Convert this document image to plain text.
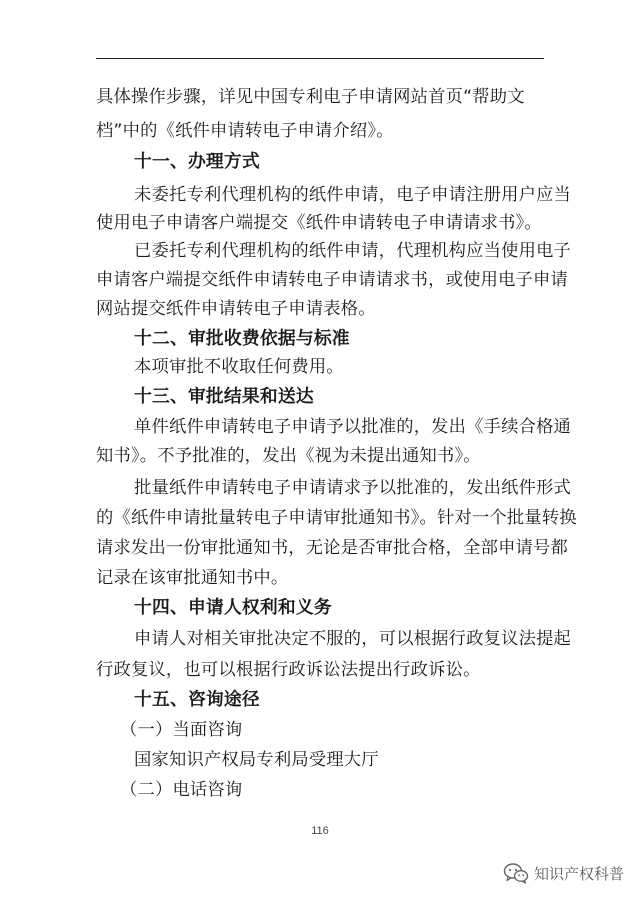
具体操作步骤，详见中国专利电子申请网站首页“帮助文
档”中的《纸件申请转电子申请介绍》。
十一、办理方式
未委托专利代理机构的纸件申请，电子申请注册用户应当
使用电子申请客户端提交《纸件申请转电子申请请求书》。
已委托专利代理机构的纸件申请，代理机构应当使用电子
申请客户端提交纸件申请转电子申请请求书，或使用电子申请
网站提交纸件申请转电子申请表格。
十二、审批收费依据与标准
本项审批不收取任何费用。
十三、审批结果和送达
单件纸件申请转电子申请予以批准的，发出《手续合格通
知书》。不予批准的，发出《视为未提出通知书》。
批量纸件申请转电子申请请求予以批准的，发出纸件形式
的《纸件申请批量转电子申请审批通知书》。针对一个批量转换
请求发出一份审批通知书，无论是否审批合格，全部申请号都
记录在该审批通知书中。
十四、申请人权利和义务
申请人对相关审批决定不服的，可以根据行政复议法提起
行政复议，也可以根据行政诉讼法提出行政诉讼。
十五、咨询途径
（一）当面咨询
国家知识产权局专利局受理大厅
（二）电话咨询
116
知识产权科普
